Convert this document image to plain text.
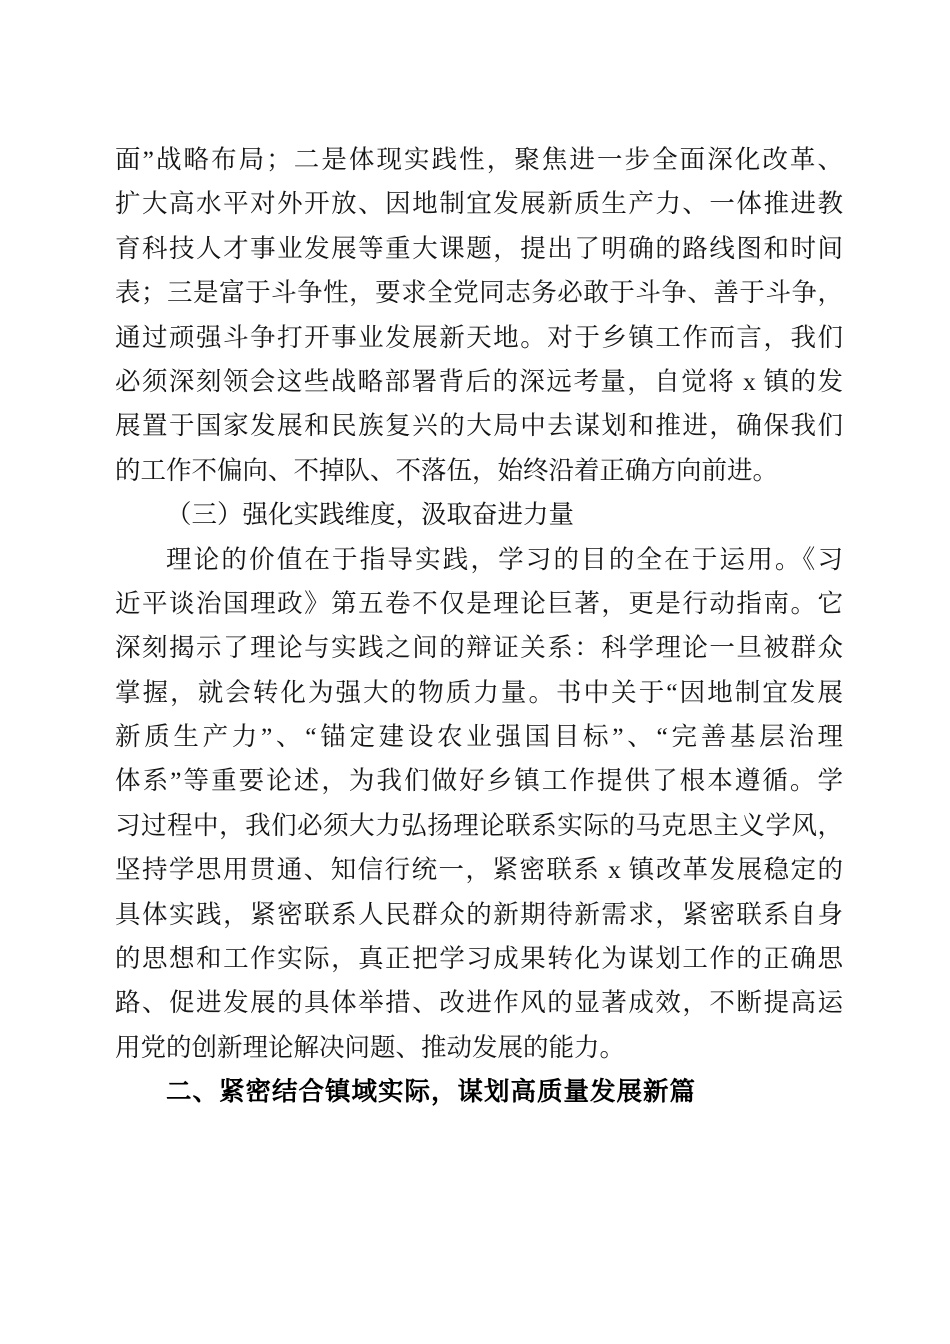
面”战略布局；二是体现实践性，聚焦进一步全面深化改革、
扩大高水平对外开放、因地制宜发展新质生产力、一体推进教
育科技人才事业发展等重大课题，提出了明确的路线图和时间
表；三是富于斗争性，要求全党同志务必敢于斗争、善于斗争，
通过顽强斗争打开事业发展新天地。对于乡镇工作而言，我们
必须深刻领会这些战略部署背后的深远考量，自觉将 x 镇的发
展置于国家发展和民族复兴的大局中去谋划和推进，确保我们
的工作不偏向、不掉队、不落伍，始终沿着正确方向前进。
（三）强化实践维度，汲取奋进力量
理论的价值在于指导实践，学习的目的全在于运用。《习
近平谈治国理政》第五卷不仅是理论巨著，更是行动指南。它
深刻揭示了理论与实践之间的辩证关系：科学理论一旦被群众
掌握，就会转化为强大的物质力量。书中关于“因地制宜发展
新质生产力”、“锚定建设农业强国目标”、“完善基层治理
体系”等重要论述，为我们做好乡镇工作提供了根本遵循。学
习过程中，我们必须大力弘扬理论联系实际的马克思主义学风，
坚持学思用贯通、知信行统一，紧密联系 x 镇改革发展稳定的
具体实践，紧密联系人民群众的新期待新需求，紧密联系自身
的思想和工作实际，真正把学习成果转化为谋划工作的正确思
路、促进发展的具体举措、改进作风的显著成效，不断提高运
用党的创新理论解决问题、推动发展的能力。
二、紧密结合镇域实际，谋划高质量发展新篇
